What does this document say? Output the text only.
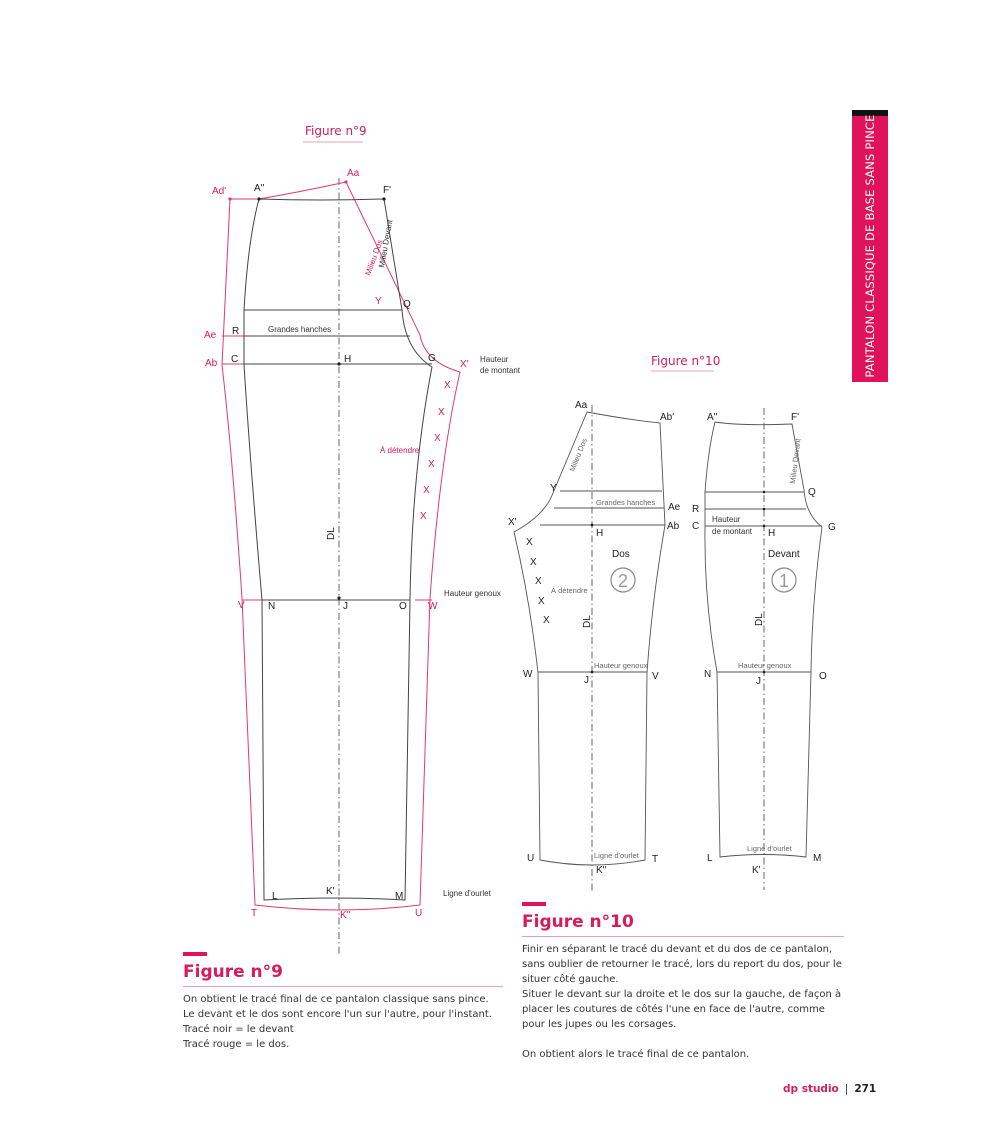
Figure n°9
A''	F'
Q
R
C	H	G
N	J	O
L	K'	M
Ad'
Aa
Y
Ae
Ab	X'
V	W
T	U
K''
Milieu Dos
Milieu Devant
Grandes hanches
Hauteur
de montant
À détendre
X
X
X
X
X
X
DL
Hauteur genoux
Ligne d'ourlet
Figure n°10
2
Dos
Aa
Ab'
Y
Ae
Ab
X'
H
W
J	V
U	T
K''
Milieu Dos
Grandes hanches
À détendre
X
X
X
X
X	DL
Hauteur genoux
Ligne d'ourlet
1
Devant
A''	F'
Q
R
C	G
H
N
J	O
L	M
K'
Milieu Devant
Hauteur
de montant
DL
Hauteur genoux
Ligne d'ourlet
PANTALON CLASSIQUE DE BASE SANS PINCE
Figure n°9

On obtient le tracé final de ce pantalon classique sans pince. Le devant et le dos sont encore l'un sur l'autre, pour l'instant.

Tracé noir = le devant

Tracé rouge = le dos.

Figure n°10

Finir en séparant le tracé du devant et du dos de ce pantalon, sans oublier de retourner le tracé, lors du report du dos, pour le situer côté gauche.

Situer le devant sur la droite et le dos sur la gauche, de façon à placer les coutures de côtés l'une en face de l'autre, comme pour les jupes ou les corsages.

On obtient alors le tracé final de ce pantalon.

dp studio | 271
